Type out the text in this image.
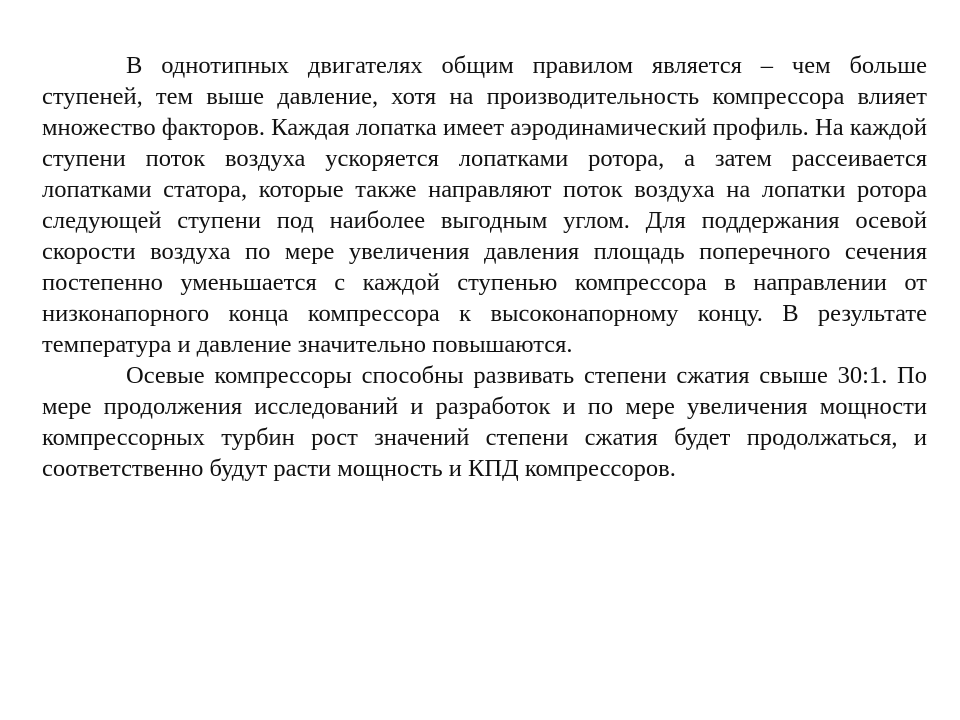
В однотипных двигателях общим правилом является – чем больше ступеней, тем выше давление, хотя на производительность компрессора влияет множество факторов. Каждая лопатка имеет аэродинамический профиль. На каждой ступени поток воздуха ускоряется лопатками ротора, а затем рассеивается лопатками статора, которые также направляют поток воздуха на лопатки ротора следующей ступени под наиболее выгодным углом. Для поддержания осевой скорости воздуха по мере увеличения давления площадь поперечного сечения постепенно уменьшается с каждой ступенью компрессора в направлении от низконапорного конца компрессора к высоконапорному концу. В результате температура и давление значительно повышаются.

Осевые компрессоры способны развивать степени сжатия свыше 30:1. По мере продолжения исследований и разработок и по мере увеличения мощности компрессорных турбин рост значений степени сжатия будет продолжаться, и соответственно будут расти мощность и КПД компрессоров.
